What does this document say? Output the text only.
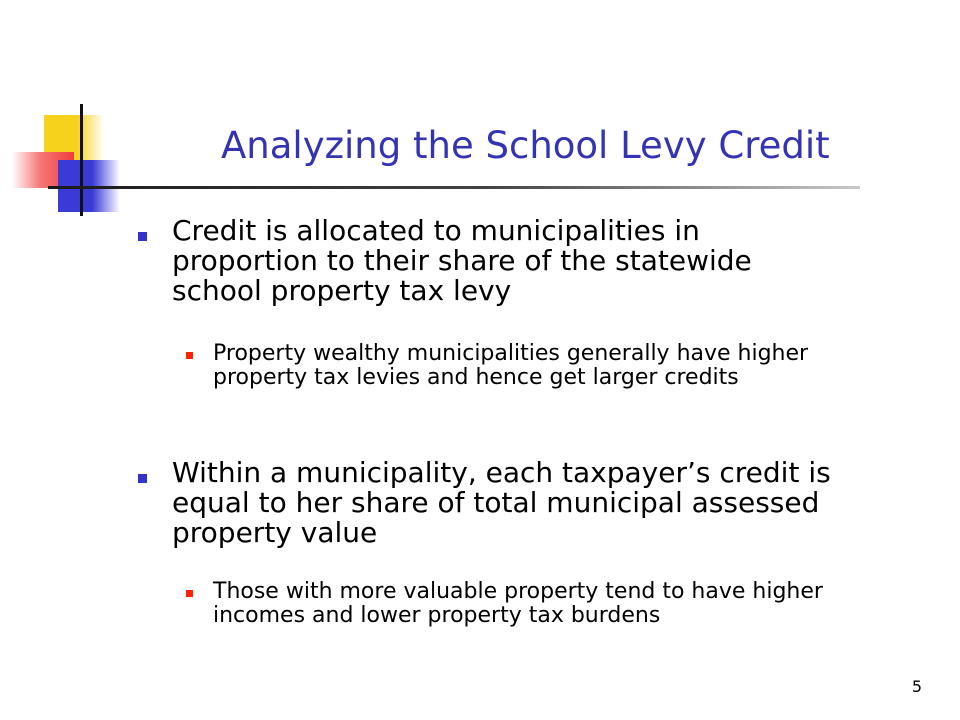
Analyzing the School Levy Credit

Credit is allocated to municipalities in proportion to their share of the statewide school property tax levy

Property wealthy municipalities generally have higher property tax levies and hence get larger credits

Within a municipality, each taxpayer’s credit is equal to her share of total municipal assessed property value

Those with more valuable property tend to have higher incomes and lower property tax burdens

5
